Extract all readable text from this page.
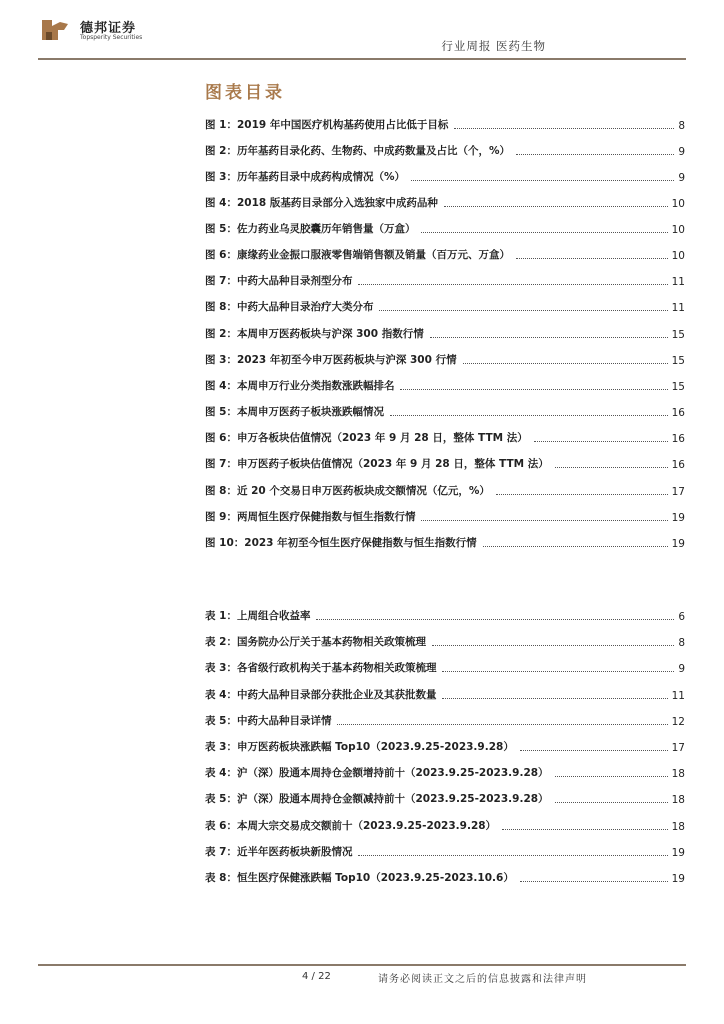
德邦证券
Topsperity Securities
行业周报 医药生物
图表目录
图 1：2019 年中国医疗机构基药使用占比低于目标	8
图 2：历年基药目录化药、生物药、中成药数量及占比（个，%）	9
图 3：历年基药目录中成药构成情况（%）	9
图 4：2018 版基药目录部分入选独家中成药品种	10
图 5：佐力药业乌灵胶囊历年销售量（万盒）	10
图 6：康缘药业金振口服液零售端销售额及销量（百万元、万盒）	10
图 7：中药大品种目录剂型分布	11
图 8：中药大品种目录治疗大类分布	11
图 2：本周申万医药板块与沪深 300 指数行情	15
图 3：2023 年初至今申万医药板块与沪深 300 行情	15
图 4：本周申万行业分类指数涨跌幅排名	15
图 5：本周申万医药子板块涨跌幅情况	16
图 6：申万各板块估值情况（2023 年 9 月 28 日，整体 TTM 法）	16
图 7：申万医药子板块估值情况（2023 年 9 月 28 日，整体 TTM 法）	16
图 8：近 20 个交易日申万医药板块成交额情况（亿元，%）	17
图 9：两周恒生医疗保健指数与恒生指数行情	19
图 10：2023 年初至今恒生医疗保健指数与恒生指数行情	19
表 1：上周组合收益率	6
表 2：国务院办公厅关于基本药物相关政策梳理	8
表 3：各省级行政机构关于基本药物相关政策梳理	9
表 4：中药大品种目录部分获批企业及其获批数量	11
表 5：中药大品种目录详情	12
表 3：申万医药板块涨跌幅 Top10（2023.9.25-2023.9.28）	17
表 4：沪（深）股通本周持仓金额增持前十（2023.9.25-2023.9.28）	18
表 5：沪（深）股通本周持仓金额减持前十（2023.9.25-2023.9.28）	18
表 6：本周大宗交易成交额前十（2023.9.25-2023.9.28）	18
表 7：近半年医药板块新股情况	19
表 8：恒生医疗保健涨跌幅 Top10（2023.9.25-2023.10.6）	19
4 / 22	请务必阅读正文之后的信息披露和法律声明
